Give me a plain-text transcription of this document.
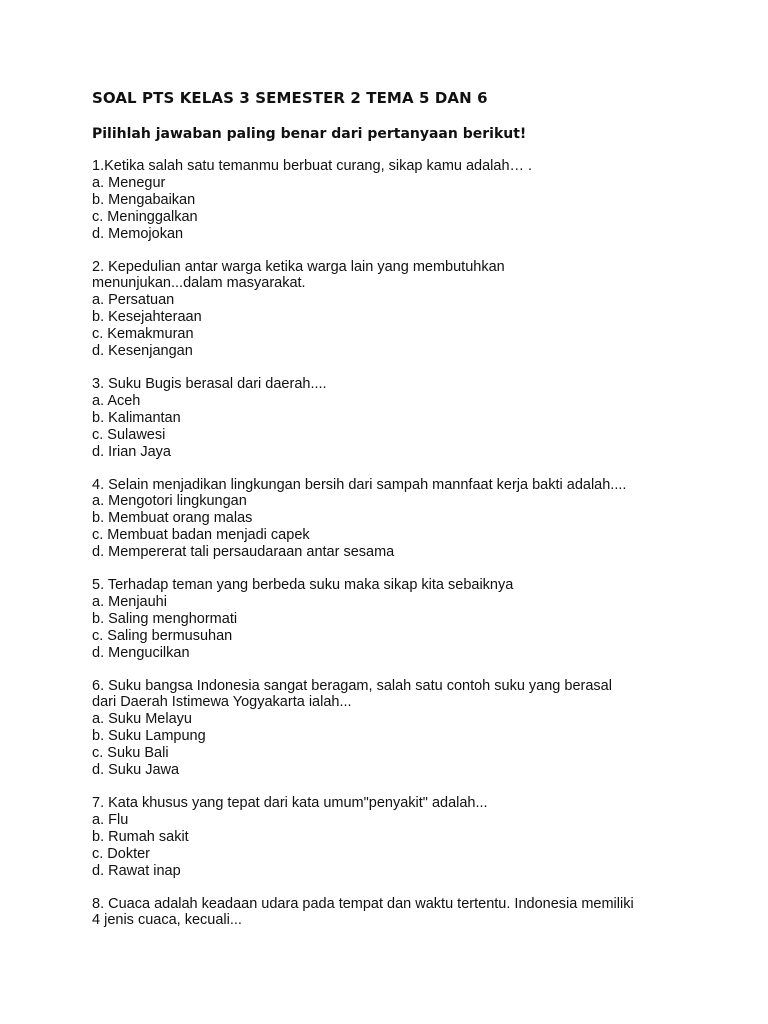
SOAL PTS KELAS 3 SEMESTER 2 TEMA 5 DAN 6
Pilihlah jawaban paling benar dari pertanyaan berikut!
1.Ketika salah satu temanmu berbuat curang, sikap kamu adalah… .
a. Menegur
b. Mengabaikan
c. Meninggalkan
d. Memojokan
2. Kepedulian antar warga ketika warga lain yang membutuhkan
menunjukan...dalam masyarakat.
a. Persatuan
b. Kesejahteraan
c. Kemakmuran
d. Kesenjangan
3. Suku Bugis berasal dari daerah....
a. Aceh
b. Kalimantan
c. Sulawesi
d. Irian Jaya
4. Selain menjadikan lingkungan bersih dari sampah mannfaat kerja bakti adalah....
a. Mengotori lingkungan
b. Membuat orang malas
c. Membuat badan menjadi capek
d. Mempererat tali persaudaraan antar sesama
5. Terhadap teman yang berbeda suku maka sikap kita sebaiknya
a. Menjauhi
b. Saling menghormati
c. Saling bermusuhan
d. Mengucilkan
6. Suku bangsa Indonesia sangat beragam, salah satu contoh suku yang berasal
dari Daerah Istimewa Yogyakarta ialah...
a. Suku Melayu
b. Suku Lampung
c. Suku Bali
d. Suku Jawa
7. Kata khusus yang tepat dari kata umum"penyakit" adalah...
a. Flu
b. Rumah sakit
c. Dokter
d. Rawat inap
8. Cuaca adalah keadaan udara pada tempat dan waktu tertentu. Indonesia memiliki
4 jenis cuaca, kecuali...
